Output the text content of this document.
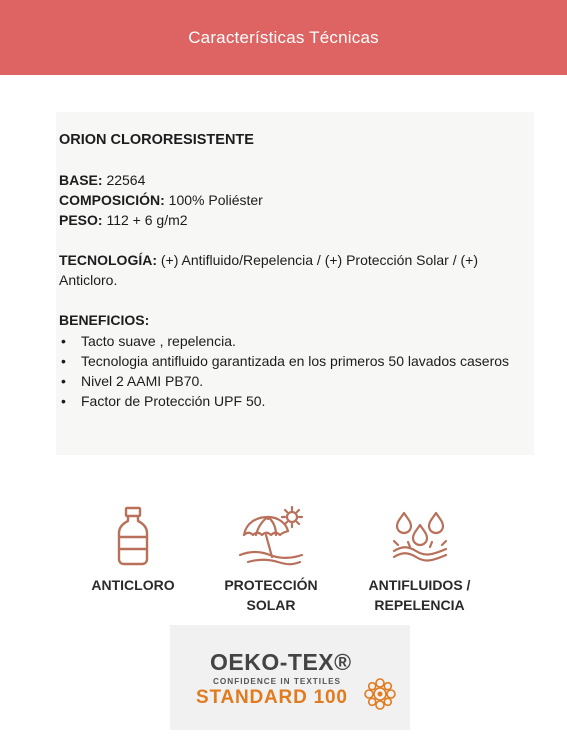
Características Técnicas
ORION CLORORESISTENTE
BASE: 22564
COMPOSICIÓN: 100% Poliéster
PESO: 112 + 6 g/m2
TECNOLOGÍA: (+) Antifluido/Repelencia / (+) Protección Solar / (+) Anticloro.
BENEFICIOS:
• Tacto suave , repelencia.
• Tecnologia antifluido garantizada en los primeros 50 lavados caseros
• Nivel 2 AAMI PB70.
• Factor de Protección UPF 50.
ANTICLORO	PROTECCIÓN
SOLAR
ANTIFLUIDOS /
REPELENCIA
OEKO-TEX®
CONFIDENCE IN TEXTILES
STANDARD 100
